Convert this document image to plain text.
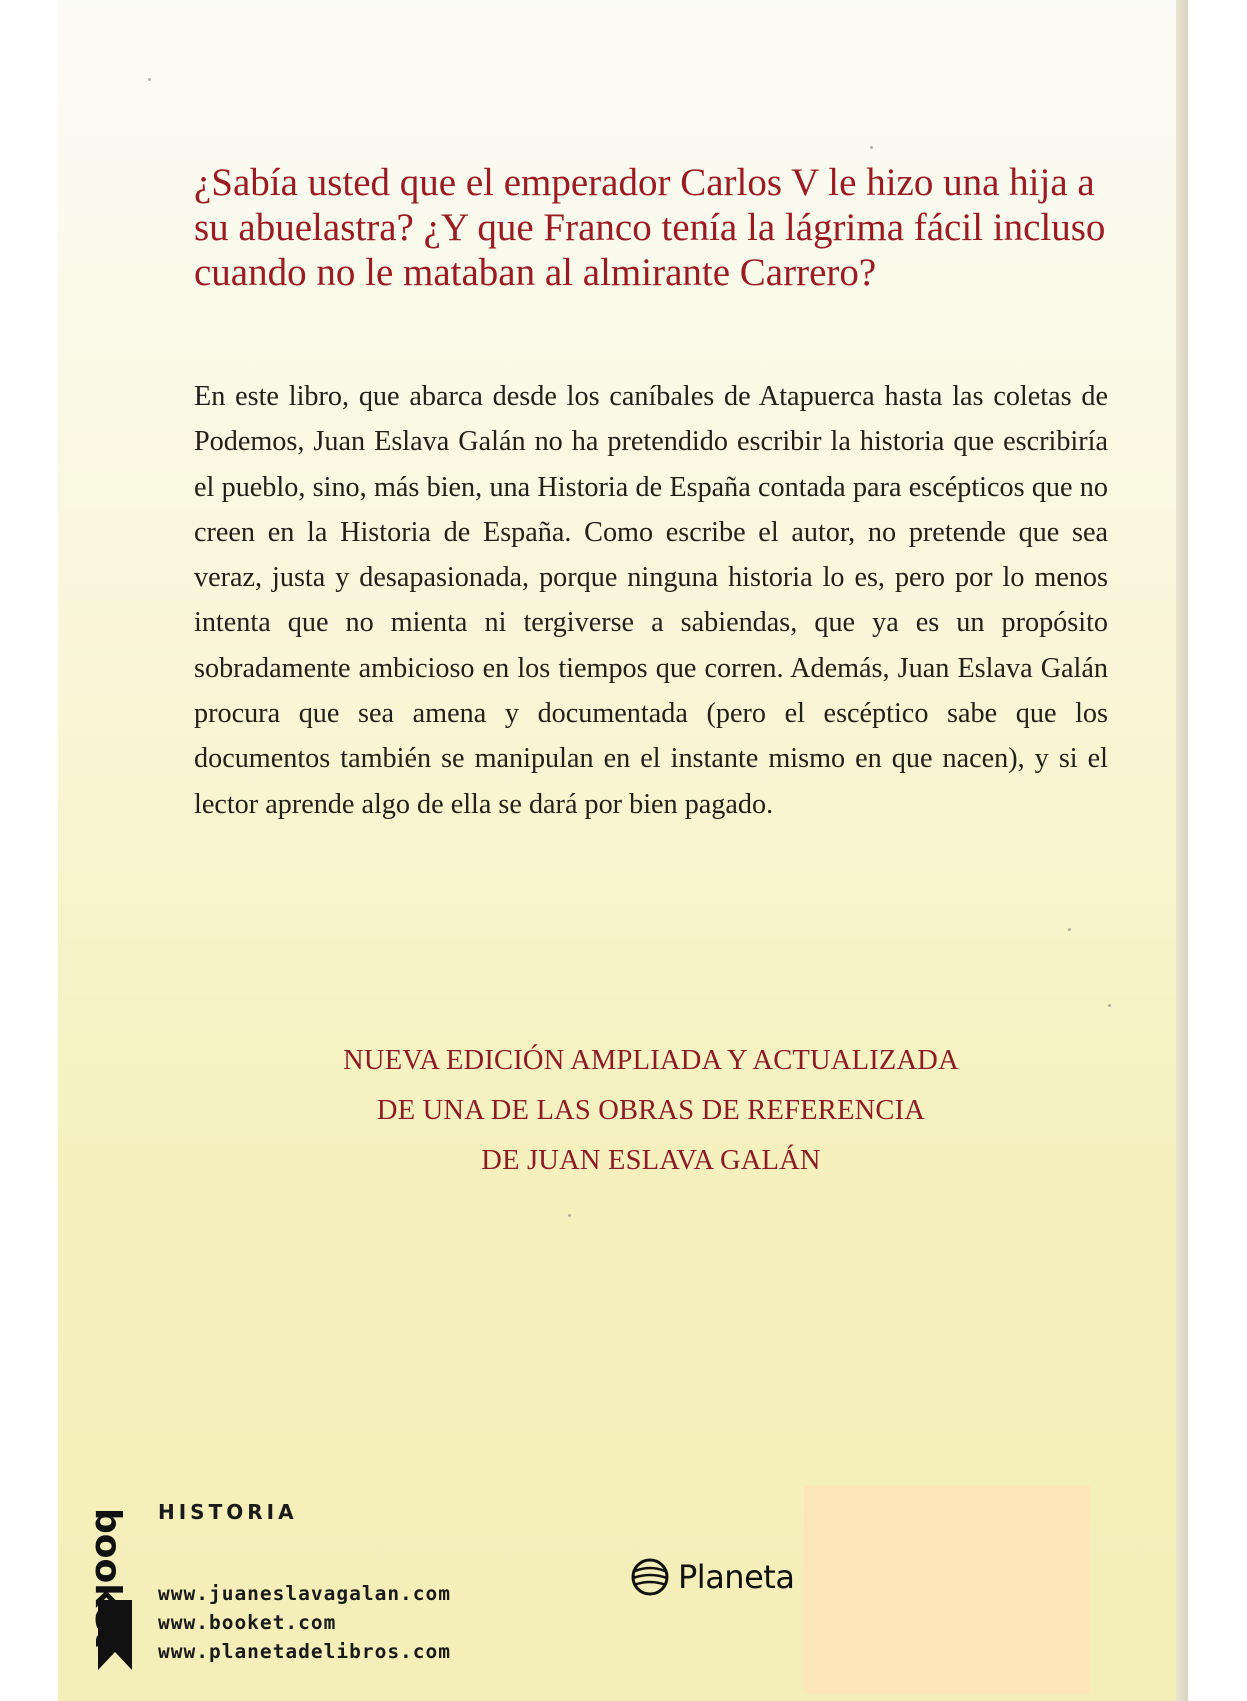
¿Sabía usted que el emperador Carlos V le hizo una hija a su abuelastra? ¿Y que Franco tenía la lágrima fácil incluso cuando no le mataban al almirante Carrero?

En este libro, que abarca desde los caníbales de Atapuerca hasta las coletas de Podemos, Juan Eslava Galán no ha pretendido escribir la historia que escribiría el pueblo, sino, más bien, una Historia de España contada para escépticos que no creen en la Historia de España. Como escribe el autor, no pretende que sea veraz, justa y desapasionada, porque ninguna historia lo es, pero por lo menos intenta que no mienta ni tergiverse a sabiendas, que ya es un propósito sobradamente ambicioso en los tiempos que corren. Además, Juan Eslava Galán procura que sea amena y documentada (pero el escéptico sabe que los documentos también se manipulan en el instante mismo en que nacen), y si el lector aprende algo de ella se dará por bien pagado.

NUEVA EDICIÓN AMPLIADA Y ACTUALIZADA
DE UNA DE LAS OBRAS DE REFERENCIA
DE JUAN ESLAVA GALÁN
booket HISTORIA
www.juaneslavagalan.com
www.booket.com
www.planetadelibros.com
Planeta
